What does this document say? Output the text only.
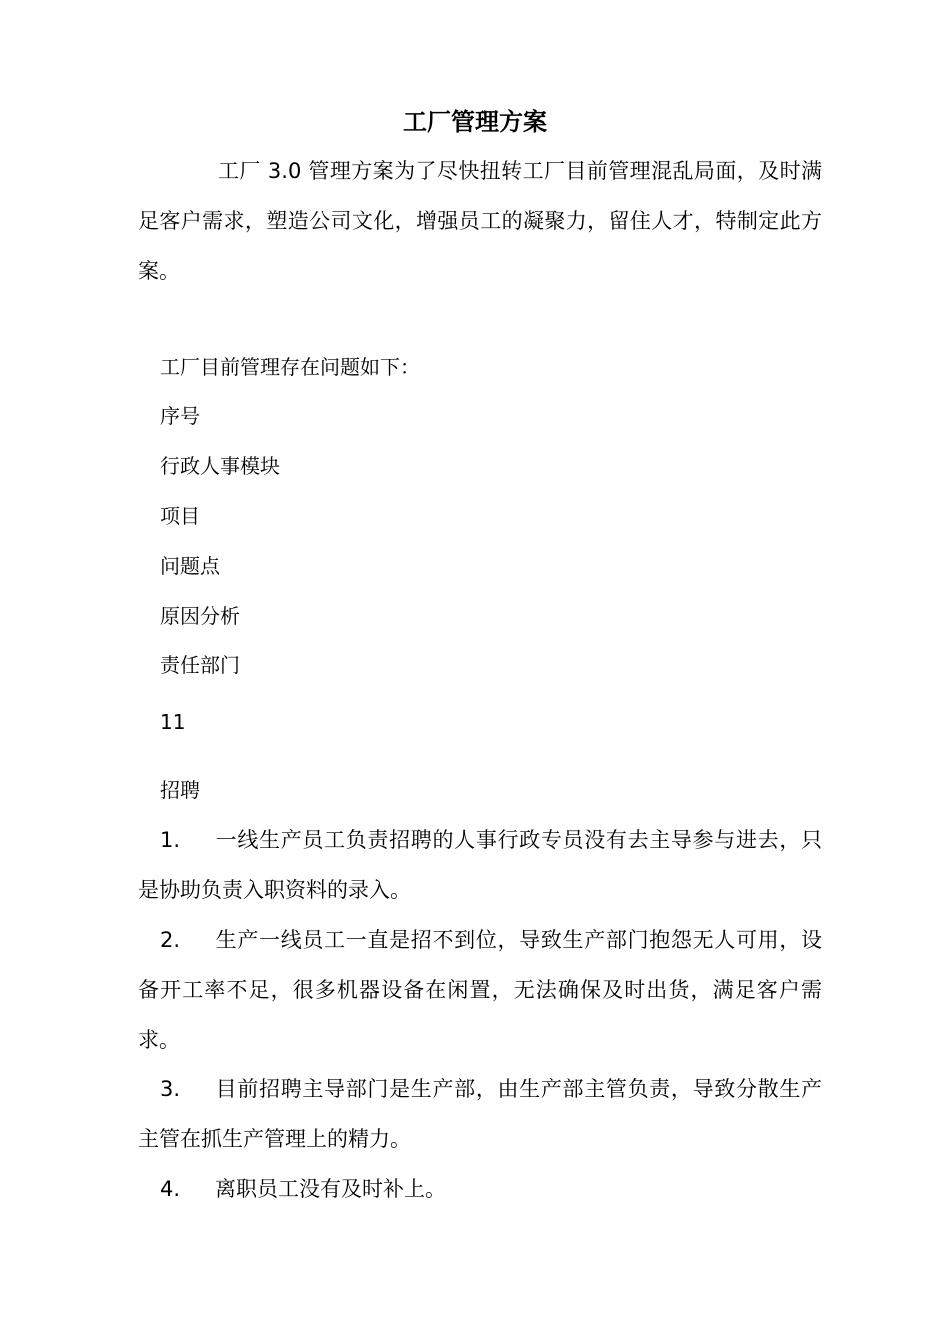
工厂管理方案
工厂 3.0 管理方案为了尽快扭转工厂目前管理混乱局面，及时满足客户需求，塑造公司文化，增强员工的凝聚力，留住人才，特制定此方案。
工厂目前管理存在问题如下：
序号
行政人事模块
项目
问题点
原因分析
责任部门
11
招聘
1. 一线生产员工负责招聘的人事行政专员没有去主导参与进去，只是协助负责入职资料的录入。
2. 生产一线员工一直是招不到位，导致生产部门抱怨无人可用，设备开工率不足，很多机器设备在闲置，无法确保及时出货，满足客户需求。
3. 目前招聘主导部门是生产部，由生产部主管负责，导致分散生产主管在抓生产管理上的精力。
4. 离职员工没有及时补上。
